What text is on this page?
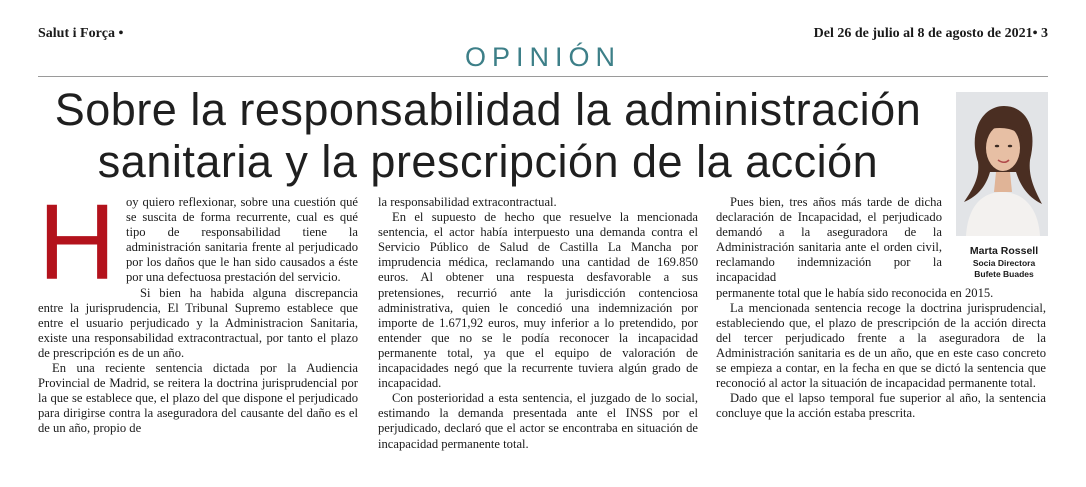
Salut i Força •	Del 26 de julio al 8 de agosto de 2021• 3
OPINIÓN
Sobre la responsabilidad la administración
sanitaria y la prescripción de la acción
Marta Rossell
Socia Directora
Bufete Buades
H oy quiero reflexionar, sobre una cuestión qué se suscita de forma recurrente, cual es qué tipo de responsabilidad tiene la administración sanitaria frente al perjudicado por los daños que le han sido causados a éste por una defectuosa prestación del servicio.

Si bien ha habida alguna discrepancia entre la jurisprudencia, El Tribunal Supremo establece que entre el usuario perjudicado y la Administracion Sanitaria, existe una responsabilidad extracontractual, por tanto el plazo de prescripción es de un año.

En una reciente sentencia dictada por la Audiencia Provincial de Madrid, se reitera la doctrina jurisprudencial por la que se establece que, el plazo del que dispone el perjudicado para dirigirse contra la aseguradora del causante del daño es el de un año, propio de

la responsabilidad extracontractual.

En el supuesto de hecho que resuelve la mencionada sentencia, el actor había interpuesto una demanda contra el Servicio Público de Salud de Castilla La Mancha por imprudencia médica, reclamando una cantidad de 169.850 euros. Al obtener una respuesta desfavorable a sus pretensiones, recurrió ante la jurisdicción contenciosa administrativa, quien le concedió una indemnización por importe de 1.671,92 euros, muy inferior a lo pretendido, por entender que no se le podía reconocer la incapacidad permanente total, ya que el equipo de valoración de incapacidades negó que la recurrente tuviera algún grado de incapacidad.

Con posterioridad a esta sentencia, el juzgado de lo social, estimando la demanda presentada ante el INSS por el perjudicado, declaró que el actor se encontraba en situación de incapacidad permanente total.

Pues bien, tres años más tarde de dicha declaración de Incapacidad, el perjudicado demandó a la aseguradora de la Administración sanitaria ante el orden civil, reclamando indemnización por la incapacidad

permanente total que le había sido reconocida en 2015.

La mencionada sentencia recoge la doctrina jurisprudencial, estableciendo que, el plazo de prescripción de la acción directa del tercer perjudicado frente a la aseguradora de la Administración sanitaria es de un año, que en este caso concreto se empieza a contar, en la fecha en que se dictó la sentencia que reconoció al actor la situación de incapacidad permanente total.

Dado que el lapso temporal fue superior al año, la sentencia concluye que la acción estaba prescrita.
